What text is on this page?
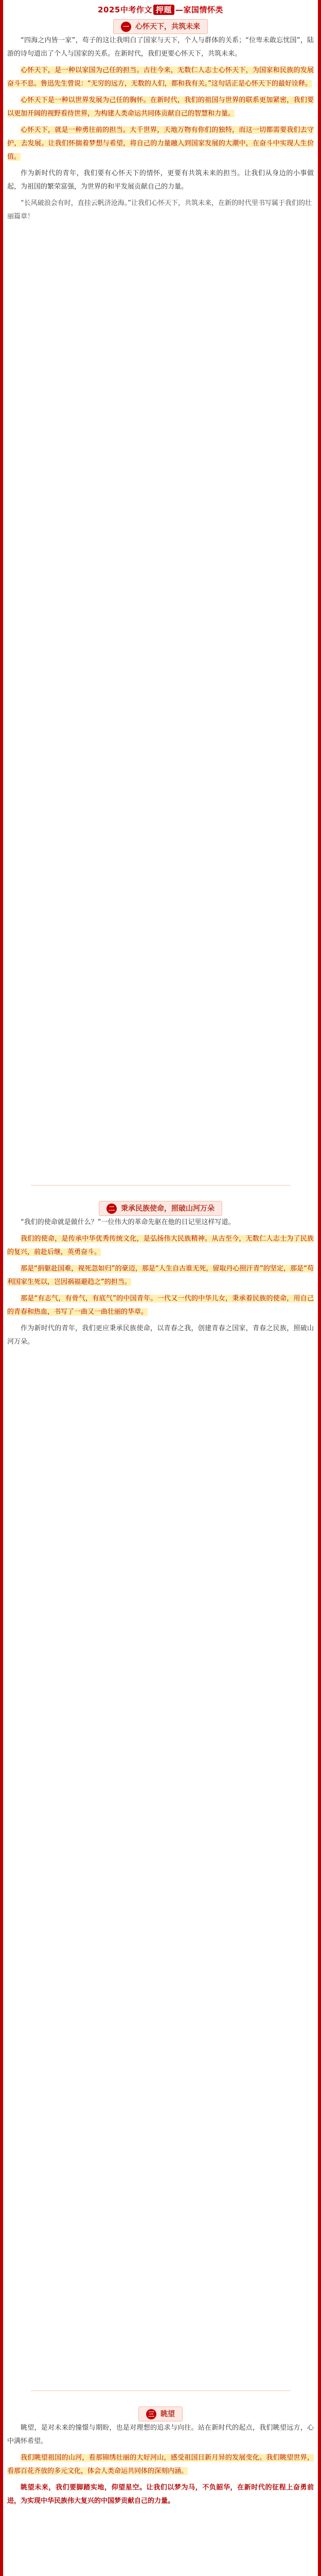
2025中考作文 押题 —家国情怀类
一 心怀天下，共筑未来

“四海之内皆一家”，苟子的这让我明白了国家与天下，个人与群体的关系；“位卑未敢忘忧国”，陆游的诗句道出了个人与国家的关系。在新时代，我们更要心怀天下，共筑未来。

心怀天下，是一种以家国为己任的担当。古往今来，无数仁人志士心怀天下，为国家和民族的发展奋斗不息。鲁迅先生曾说：“无穷的远方，无数的人们，都和我有关。”这句话正是心怀天下的最好诠释。

心怀天下是一种以世界发展为己任的胸怀。在新时代，我们的祖国与世界的联系更加紧密，我们要以更加开阔的视野看待世界，为构建人类命运共同体贡献自己的智慧和力量。

心怀天下，就是一种勇往前的担当。大千世界，天地万物有你们的独特，而这一切都需要我们去守护，去发展。让我们怀揣着梦想与希望，将自己的力量融入到国家发展的大潮中，在奋斗中实现人生价值。

作为新时代的青年，我们要有心怀天下的情怀，更要有共筑未来的担当。让我们从身边的小事做起，为祖国的繁荣富强，为世界的和平发展贡献自己的力量。

“长风破浪会有时，直挂云帆济沧海。”让我们心怀天下，共筑未来，在新的时代里书写属于我们的壮丽篇章！

二 秉承民族使命，照破山河万朵

“我们的使命就是做什么？”一位伟大的革命先驱在他的日记里这样写道。

我们的使命，是传承中华优秀传统文化，是弘扬伟大民族精神。从古至今，无数仁人志士为了民族的复兴，前赴后继，英勇奋斗。

那是“捐躯赴国难，视死忽如归”的豪迈，那是“人生自古谁无死，留取丹心照汗青”的坚定，那是“苟利国家生死以，岂因祸福避趋之”的担当。

那是“有志气，有骨气，有底气”的中国青年。一代又一代的中华儿女，秉承着民族的使命，用自己的青春和热血，书写了一曲又一曲壮丽的华章。

作为新时代的青年，我们更应秉承民族使命，以青春之我，创建青春之国家，青春之民族，照破山河万朵。

三 眺望

眺望，是对未来的憧憬与期盼，也是对理想的追求与向往。站在新时代的起点，我们眺望远方，心中满怀希望。

我们眺望祖国的山河，看那锦绣壮丽的大好河山，感受祖国日新月异的发展变化。我们眺望世界，看那百花齐放的多元文化，体会人类命运共同体的深刻内涵。

眺望未来，我们要脚踏实地，仰望星空。让我们以梦为马，不负韶华，在新时代的征程上奋勇前进，为实现中华民族伟大复兴的中国梦贡献自己的力量。
